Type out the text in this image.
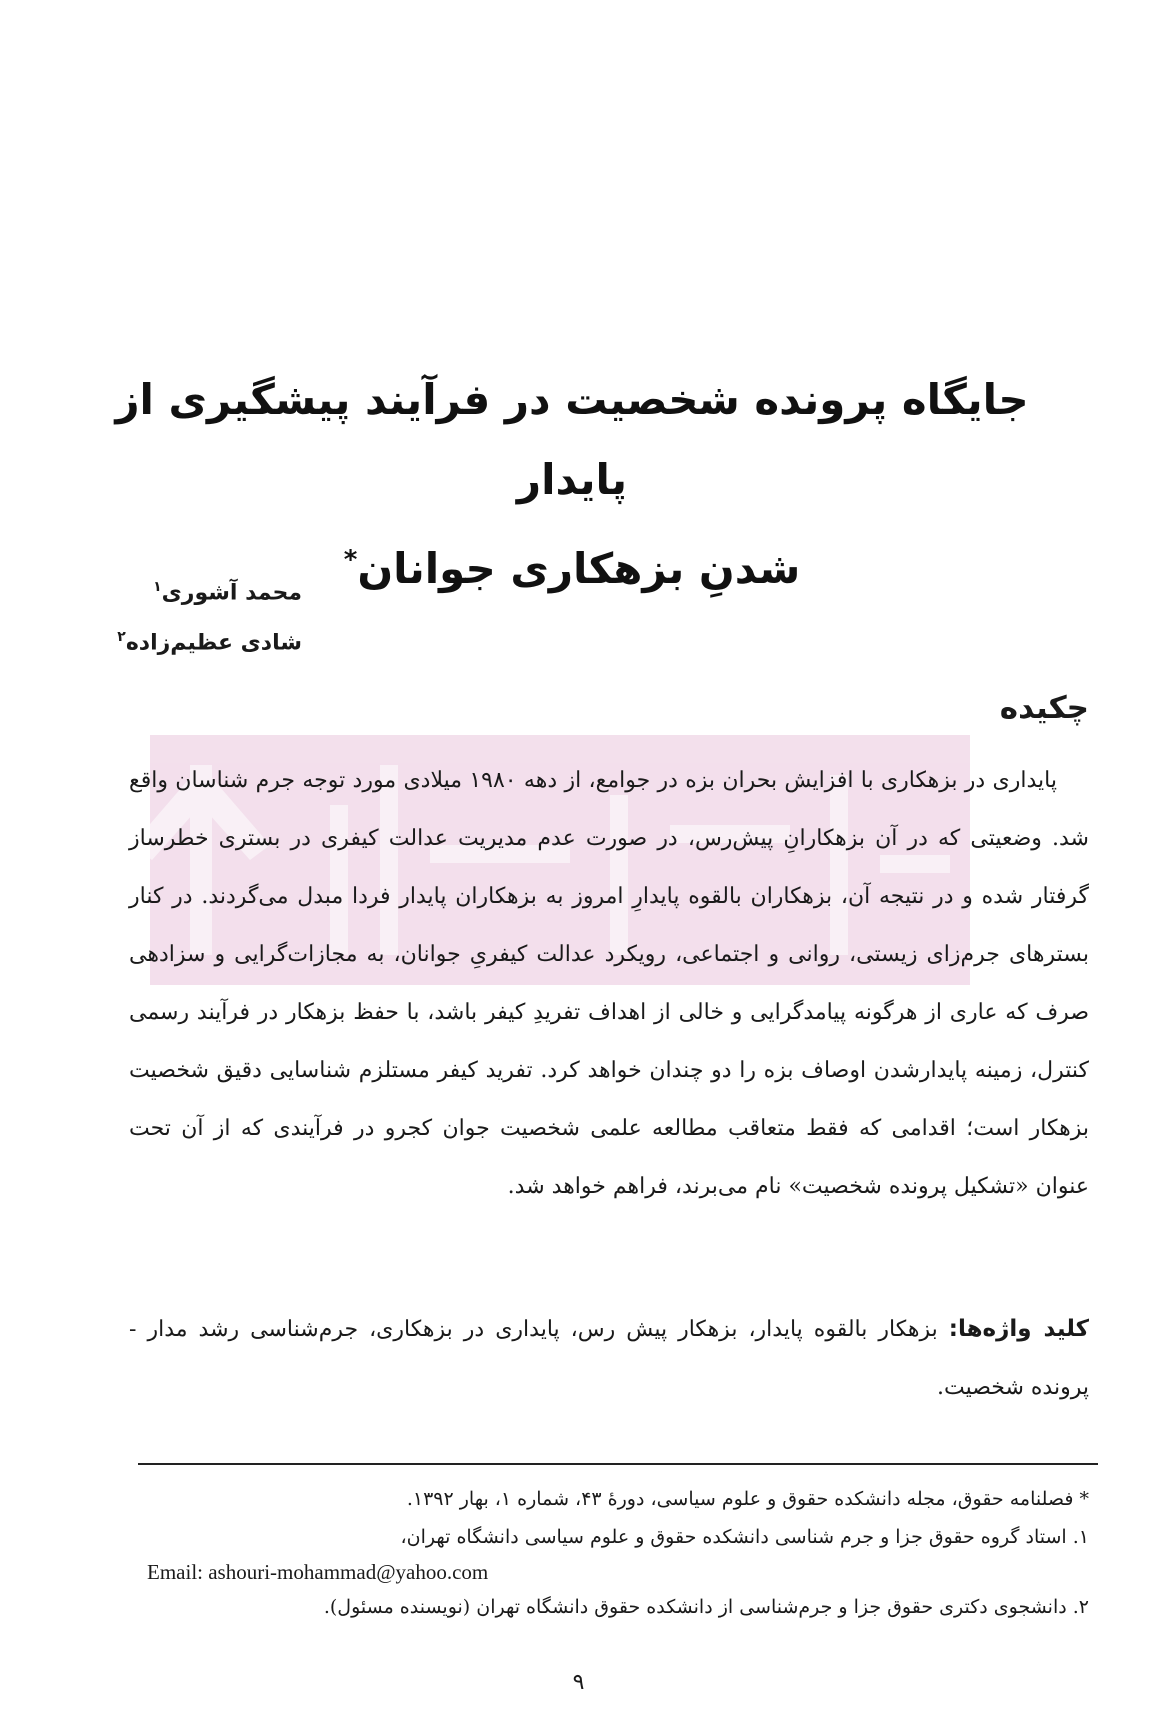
جایگاه پرونده شخصیت در فرآیند پیشگیری از پایدار
شدنِ بزهکاری جوانان*
محمد آشوری$^۱$
شادی عظیم‌زاده$^۲$
چکیده

پایداری در بزهکاری با افزایش بحران بزه در جوامع، از دهه ۱۹۸۰ میلادی مورد توجه جرم شناسان واقع شد. وضعیتی که در آن بزهکارانِ پیش‌رس، در صورت عدم مدیریت عدالت کیفری در بستری خطرساز گرفتار شده و در نتیجه آن، بزهکاران بالقوه پایدارِ امروز به بزهکاران پایدار فردا مبدل می‌گردند. در کنار بسترهای جرم‌زای زیستی، روانی و اجتماعی، رویکرد عدالت کیفریِ جوانان، به مجازات‌گرایی و سزادهی صرف که عاری از هرگونه پیامدگرایی و خالی از اهداف تفریدِ کیفر باشد، با حفظ بزهکار در فرآیند رسمی کنترل، زمینه پایدارشدن اوصاف بزه را دو چندان خواهد کرد. تفرید کیفر مستلزم شناسایی دقیق شخصیت بزهکار است؛ اقدامی که فقط متعاقب مطالعه علمی شخصیت جوان کجرو در فرآیندی که از آن تحت عنوان «تشکیل پرونده شخصیت» نام می‌برند، فراهم خواهد شد.

کلید واژه‌ها: بزهکار بالقوه پایدار، بزهکار پیش رس، پایداری در بزهکاری، جرم‌شناسی رشد مدار - پرونده شخصیت.

* فصلنامه حقوق، مجله دانشکده حقوق و علوم سیاسی، دورۀ ۴۳، شماره ۱، بهار ۱۳۹۲.

۱. استاد گروه حقوق جزا و جرم شناسی دانشکده حقوق و علوم سیاسی دانشگاه تهران،

Email: ashouri-mohammad@yahoo.com

۲. دانشجوی دکتری حقوق جزا و جرم‌شناسی از دانشکده حقوق دانشگاه تهران (نویسنده مسئول).

۹
